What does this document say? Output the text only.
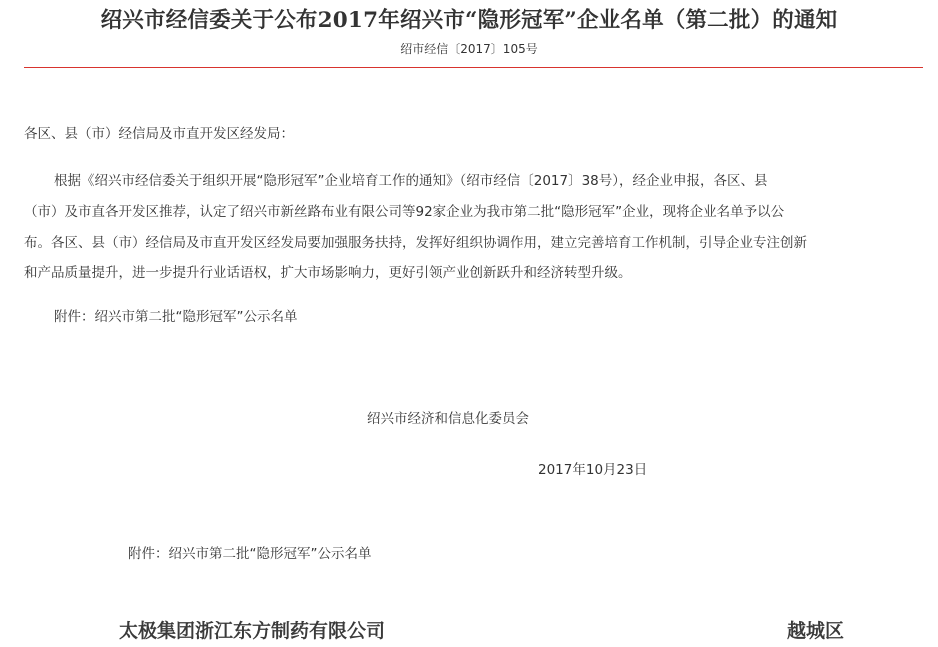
绍兴市经信委关于公布2017年绍兴市“隐形冠军”企业名单（第二批）的通知
绍市经信〔2017〕105号
各区、县（市）经信局及市直开发区经发局：
根据《绍兴市经信委关于组织开展“隐形冠军”企业培育工作的通知》（绍市经信〔2017〕38号），经企业申报，各区、县
（市）及市直各开发区推荐，认定了绍兴市新丝路布业有限公司等92家企业为我市第二批“隐形冠军”企业，现将企业名单予以公
布。各区、县（市）经信局及市直开发区经发局要加强服务扶持，发挥好组织协调作用，建立完善培育工作机制，引导企业专注创新
和产品质量提升，进一步提升行业话语权，扩大市场影响力，更好引领产业创新跃升和经济转型升级。
附件：绍兴市第二批“隐形冠军”公示名单
绍兴市经济和信息化委员会
2017年10月23日
附件：绍兴市第二批“隐形冠军”公示名单
太极集团浙江东方制药有限公司	越城区
